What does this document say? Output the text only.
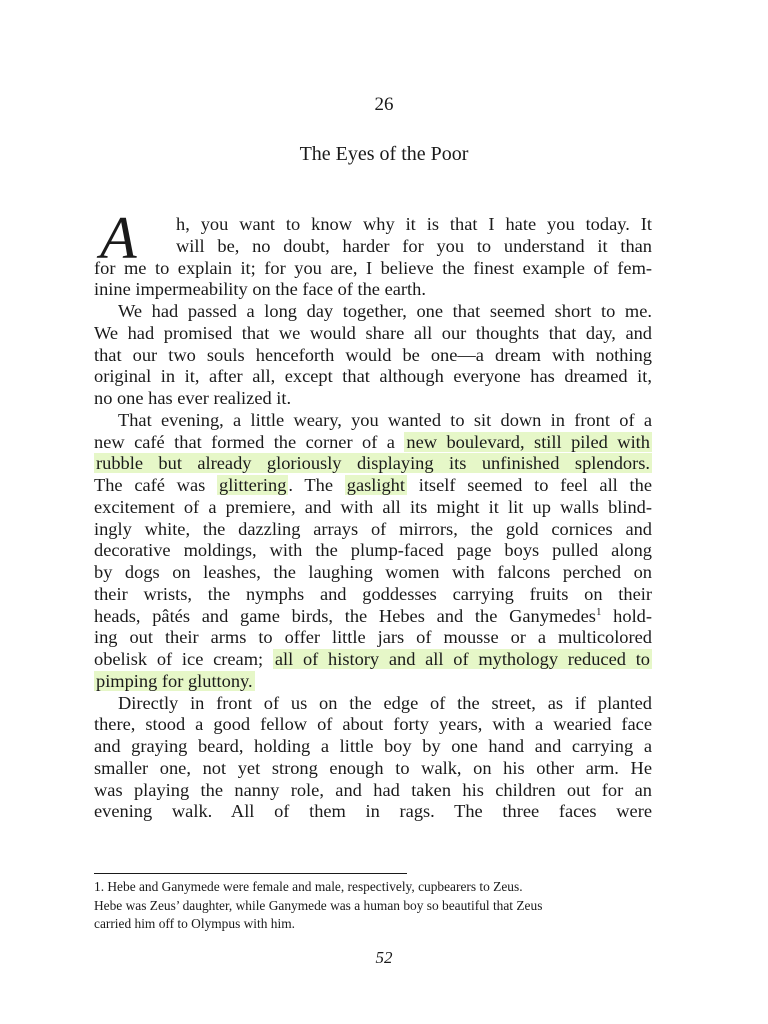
26
The Eyes of the Poor
A	h, you want to know why it is that I hate you today. It
will be, no doubt, harder for you to understand it than
for me to explain it; for you are, I believe the finest example of fem-
inine impermeability on the face of the earth.
We had passed a long day together, one that seemed short to me.
We had promised that we would share all our thoughts that day, and
that our two souls henceforth would be one—a dream with nothing
original in it, after all, except that although everyone has dreamed it,
no one has ever realized it.
That evening, a little weary, you wanted to sit down in front of a
new café that formed the corner of a new boulevard, still piled with
rubble but already gloriously displaying its unfinished splendors.
The café was glittering . The gaslight itself seemed to feel all the
excitement of a premiere, and with all its might it lit up walls blind-
ingly white, the dazzling arrays of mirrors, the gold cornices and
decorative moldings, with the plump-faced page boys pulled along
by dogs on leashes, the laughing women with falcons perched on
their wrists, the nymphs and goddesses carrying fruits on their
heads, pâtés and game birds, the Hebes and the Ganymedes$^1$ hold-
ing out their arms to offer little jars of mousse or a multicolored
obelisk of ice cream; all of history and all of mythology reduced to
pimping for gluttony.
Directly in front of us on the edge of the street, as if planted
there, stood a good fellow of about forty years, with a wearied face
and graying beard, holding a little boy by one hand and carrying a
smaller one, not yet strong enough to walk, on his other arm. He
was playing the nanny role, and had taken his children out for an
evening walk. All of them in rags. The three faces were
1. Hebe and Ganymede were female and male, respectively, cupbearers to Zeus.
Hebe was Zeus’ daughter, while Ganymede was a human boy so beautiful that Zeus
carried him off to Olympus with him.
52
